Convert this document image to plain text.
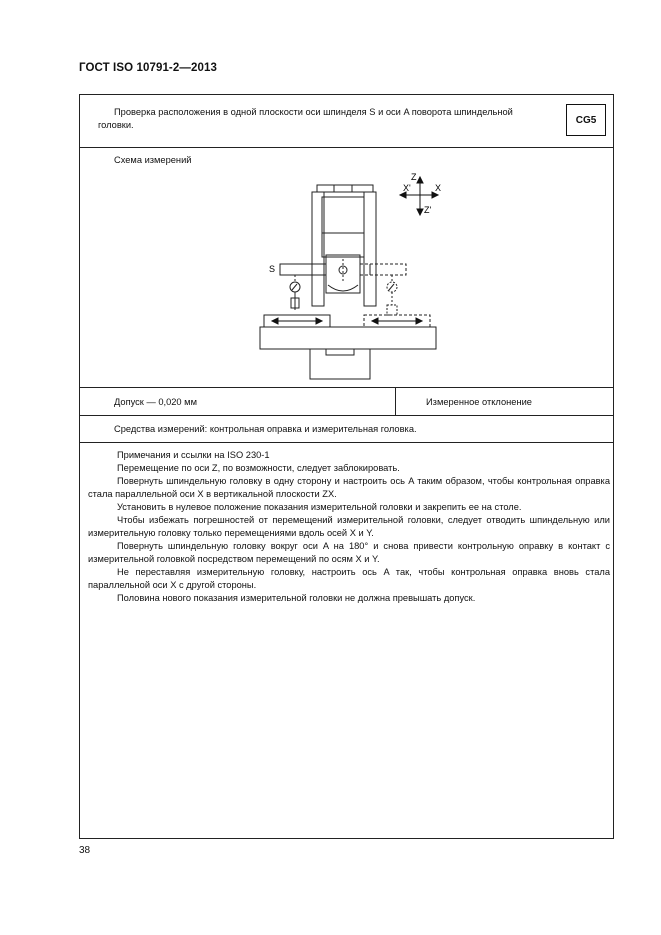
ГОСТ ISO 10791-2—2013
Проверка расположения в одной плоскости оси шпинделя S и оси A поворота шпиндельной головки.	CG5
Схема измерений
Z
X'	X
Z'
S
Допуск — 0,020 мм	Измеренное отклонение
Средства измерений: контрольная оправка и измерительная головка.

Примечания и ссылки на ISO 230-1

Перемещение по оси Z, по возможности, следует заблокировать.

Повернуть шпиндельную головку в одну сторону и настроить ось A таким образом, чтобы контрольная оправка стала параллельной оси X в вертикальной плоскости ZX.

Установить в нулевое положение показания измерительной головки и закрепить ее на столе.

Чтобы избежать погрешностей от перемещений измерительной головки, следует отводить шпиндельную или измерительную головку только перемещениями вдоль осей X и Y.

Повернуть шпиндельную головку вокруг оси A на 180° и снова привести контрольную оправку в контакт с измерительной головкой посредством перемещений по осям X и Y.

Не переставляя измерительную головку, настроить ось A так, чтобы контрольная оправка вновь стала параллельной оси X с другой стороны.

Половина нового показания измерительной головки не должна превышать допуск.

38
